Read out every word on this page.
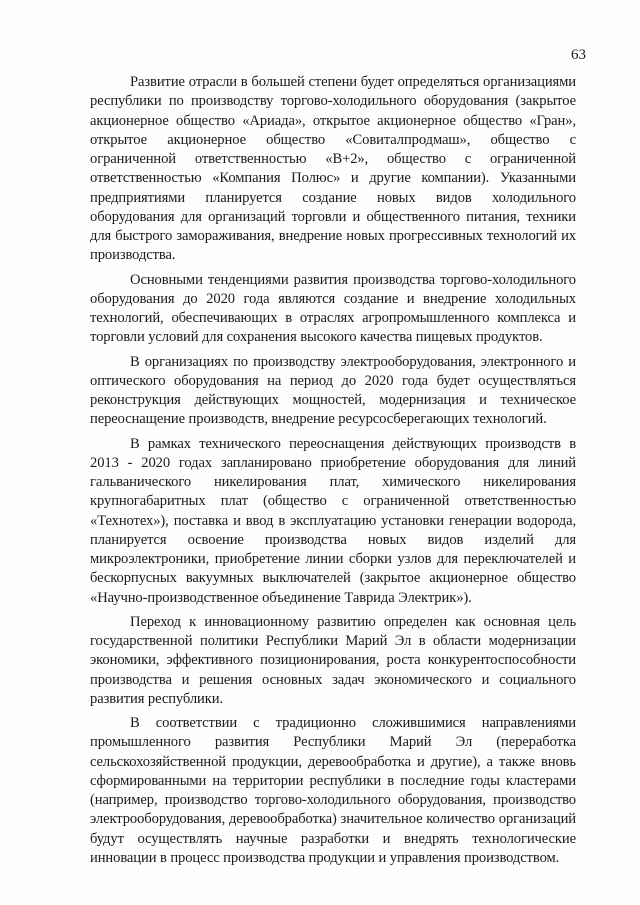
63

Развитие отрасли в большей степени будет определяться организациями республики по производству торгово-холодильного оборудования (закрытое акционерное общество «Ариада», открытое акционерное общество «Гран», открытое акционерное общество «Совиталпродмаш», общество с ограниченной ответственностью «В+2», общество с ограниченной ответственностью «Компания Полюс» и другие компании). Указанными предприятиями планируется создание новых видов холодильного оборудования для организаций торговли и общественного питания, техники для быстрого замораживания, внедрение новых прогрессивных технологий их производства.

Основными тенденциями развития производства торгово-холодильного оборудования до 2020 года являются создание и внедрение холодильных технологий, обеспечивающих в отраслях агропромышленного комплекса и торговли условий для сохранения высокого качества пищевых продуктов.

В организациях по производству электрооборудования, электронного и оптического оборудования на период до 2020 года будет осуществляться реконструкция действующих мощностей, модернизация и техническое переоснащение производств, внедрение ресурсосберегающих технологий.

В рамках технического переоснащения действующих производств в 2013 - 2020 годах запланировано приобретение оборудования для линий гальванического никелирования плат, химического никелирования крупногабаритных плат (общество с ограниченной ответственностью «Технотех»), поставка и ввод в эксплуатацию установки генерации водорода, планируется освоение производства новых видов изделий для микроэлектроники, приобретение линии сборки узлов для переключателей и бескорпусных вакуумных выключателей (закрытое акционерное общество «Научно-производственное объединение Таврида Электрик»).

Переход к инновационному развитию определен как основная цель государственной политики Республики Марий Эл в области модернизации экономики, эффективного позиционирования, роста конкурентоспособности производства и решения основных задач экономического и социального развития республики.

В соответствии с традиционно сложившимися направлениями промышленного развития Республики Марий Эл (переработка сельскохозяйственной продукции, деревообработка и другие), а также вновь сформированными на территории республики в последние годы кластерами (например, производство торгово-холодильного оборудования, производство электрооборудования, деревообработка) значительное количество организаций будут осуществлять научные разработки и внедрять технологические инновации в процесс производства продукции и управления производством.
